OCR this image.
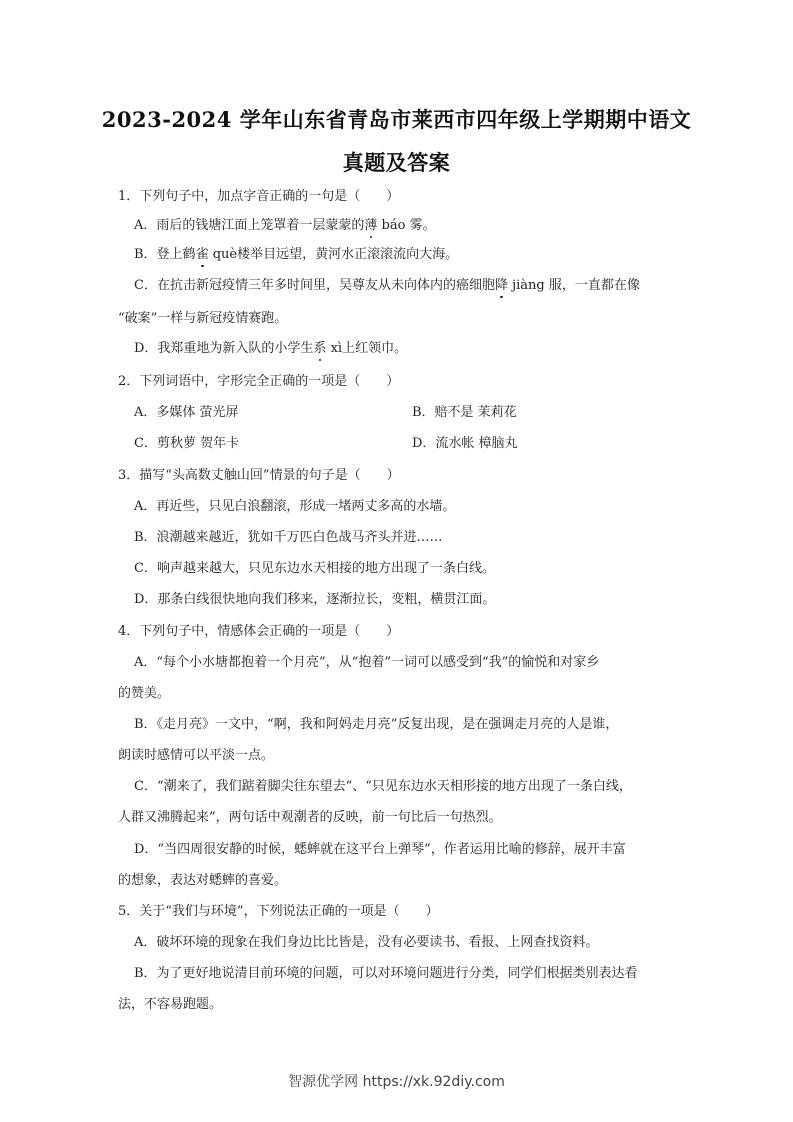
2023-2024 学年山东省青岛市莱西市四年级上学期期中语文
真题及答案
1．下列句子中，加点字音正确的一句是（　　）
A．雨后的钱塘江面上笼罩着一层蒙蒙的薄 báo 雾。
B．登上鹤雀 què楼举目远望，黄河水正滚滚流向大海。
C．在抗击新冠疫情三年多时间里，吴尊友从未向体内的癌细胞降 jiàng 服，一直都在像
“破案”一样与新冠疫情赛跑。
D．我郑重地为新入队的小学生系 xì上红领巾。
2．下列词语中，字形完全正确的一项是（　　）
A．多媒体 萤光屏	B．赔不是 茉莉花
C．剪秋萝 贺年卡	D．流水帐 樟脑丸
3．描写“头高数丈触山回”情景的句子是（　　）
A．再近些，只见白浪翻滚，形成一堵两丈多高的水墙。
B．浪潮越来越近，犹如千万匹白色战马齐头并进……
C．响声越来越大，只见东边水天相接的地方出现了一条白线。
D．那条白线很快地向我们移来，逐渐拉长，变粗，横贯江面。
4．下列句子中，情感体会正确的一项是（　　）
A．“每个小水塘都抱着一个月亮”，从“抱着”一词可以感受到“我”的愉悦和对家乡
的赞美。
B．《走月亮》一文中，“啊，我和阿妈走月亮”反复出现，是在强调走月亮的人是谁，
朗读时感情可以平淡一点。
C．“潮来了，我们踮着脚尖往东望去“、“只见东边水天相形接的地方出现了一条白线，
人群又沸腾起来”，两句话中观潮者的反映，前一句比后一句热烈。
D．“当四周很安静的时候，蟋蟀就在这平台上弹琴”，作者运用比喻的修辞，展开丰富
的想象，表达对蟋蟀的喜爱。
5．关于“我们与环境”，下列说法正确的一项是（　　）
A．破坏环境的现象在我们身边比比皆是，没有必要读书、看报、上网查找资料。
B．为了更好地说清目前环境的问题，可以对环境问题进行分类，同学们根据类别表达看
法，不容易跑题。
智源优学网 https://xk.92diy.com
